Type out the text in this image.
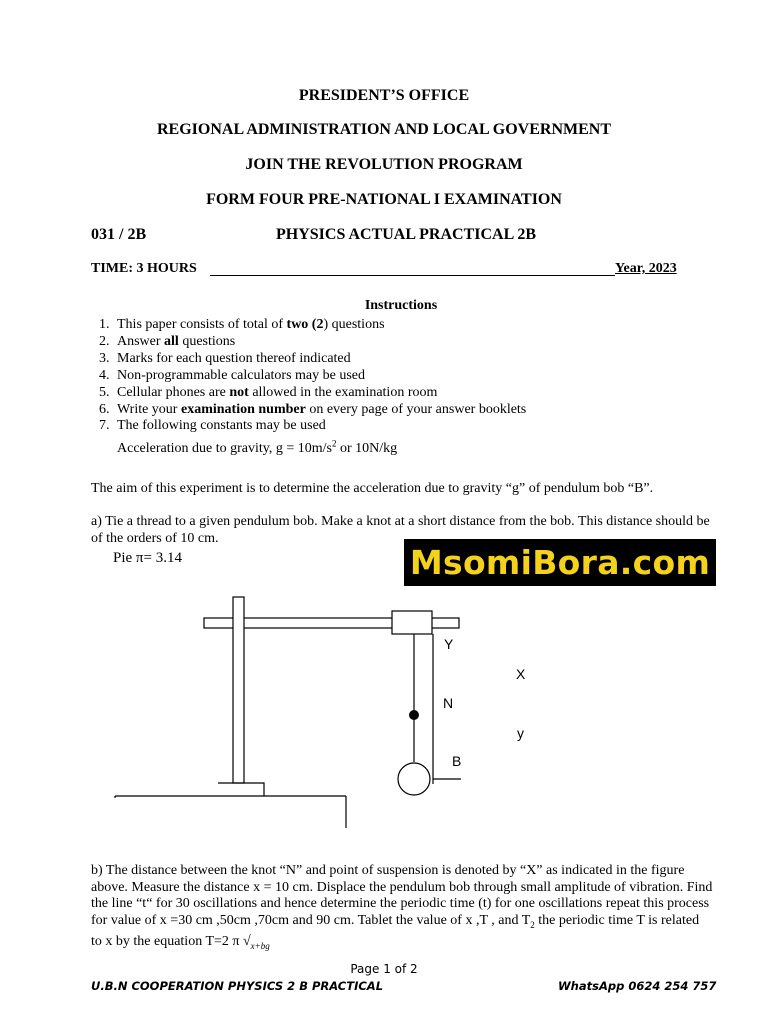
PRESIDENT’S OFFICE
REGIONAL ADMINISTRATION AND LOCAL GOVERNMENT
JOIN THE REVOLUTION PROGRAM
FORM FOUR PRE-NATIONAL I EXAMINATION
031 / 2B	PHYSICS ACTUAL PRACTICAL 2B
TIME: 3 HOURS	Year, 2023
Instructions
1. This paper consists of total of two (2) questions
2. Answer all questions
3. Marks for each question thereof indicated
4. Non-programmable calculators may be used
5. Cellular phones are not allowed in the examination room
6. Write your examination number on every page of your answer booklets
7. The following constants may be used
Acceleration due to gravity, $g = 10m/s^2$ or 10N/kg
The aim of this experiment is to determine the acceleration due to gravity “g” of pendulum bob “B”.
a) Tie a thread to a given pendulum bob. Make a knot at a short distance from the bob. This distance should be of the orders of 10 cm.
Pie π= 3.14	MsomiBora.com
Y
X
N
y
B
b) The distance between the knot “N” and point of suspension is denoted by “X” as indicated in the figure above. Measure the distance x = 10 cm. Displace the pendulum bob through small amplitude of vibration. Find the line “t“ for 30 oscillations and hence determine the periodic time (t) for one oscillations repeat this process for value of x =30 cm ,50cm ,70cm and 90 cm. Tablet the value of x ,T , and $T_2$ the periodic time T is related to x by the equation T=2 π $√_{x+bg}$
Page 1 of 2
U.B.N COOPERATION PHYSICS 2 B PRACTICAL	WhatsApp 0624 254 757
